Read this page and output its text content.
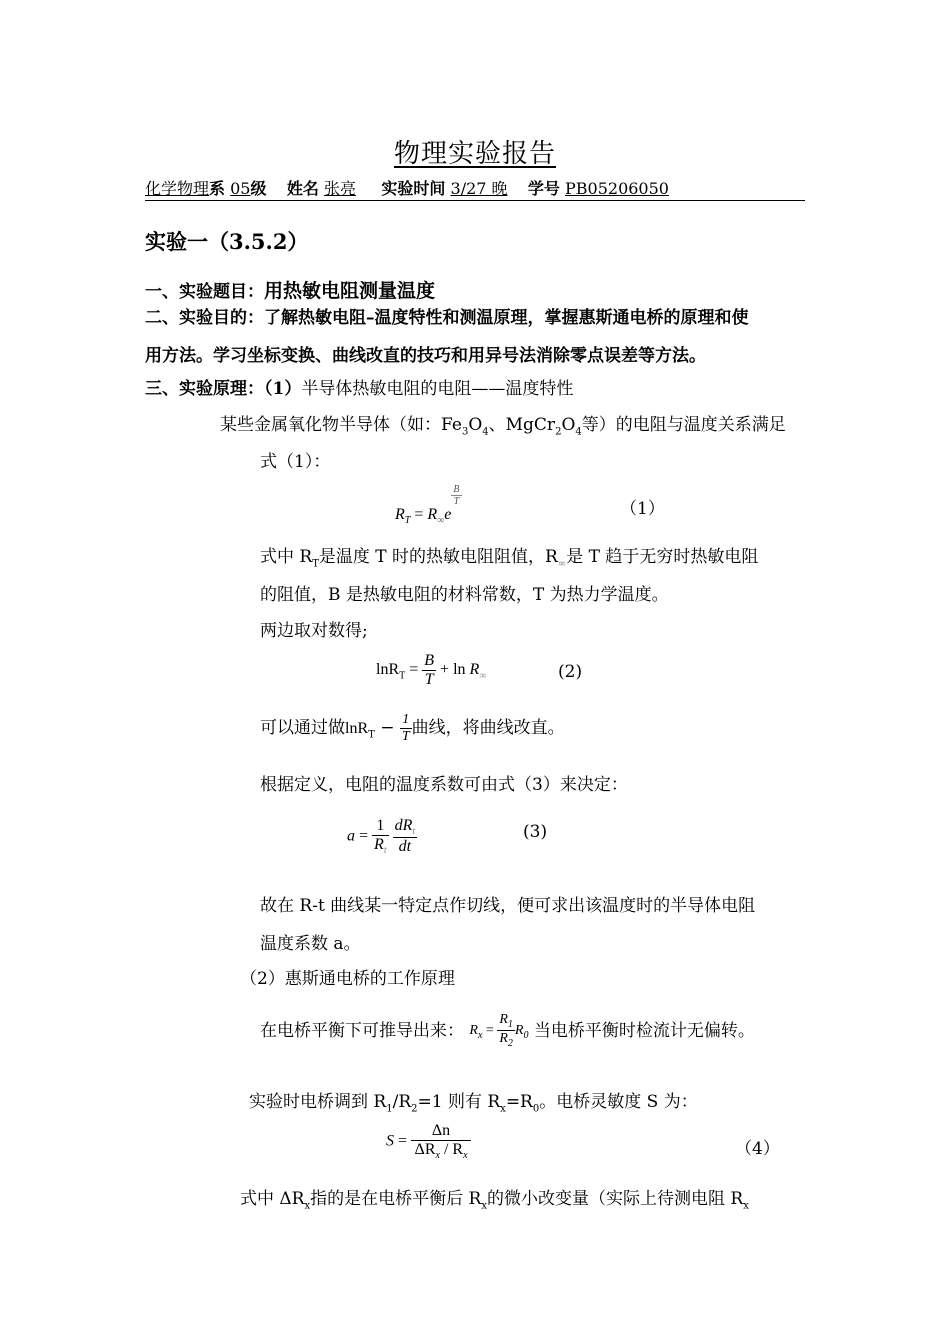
物理实验报告
化学物理系 05级 姓名 张亮 实验时间 3/27 晚 学号 PB05206050
实验一（3.5.2）
一、实验题目：用热敏电阻测量温度
二、实验目的：了解热敏电阻–温度特性和测温原理，掌握惠斯通电桥的原理和使
用方法。学习坐标变换、曲线改直的技巧和用异号法消除零点误差等方法。
三、实验原理：（1）半导体热敏电阻的电阻——温度特性
某些金属氧化物半导体（如：$Fe_3O_4$、$MgCr_2O_4$等）的电阻与温度关系满足
式（1）：
$R_T = R_\infty e$
$\frac{B}{T}$
（1）
式中 $R_T$是温度 T 时的热敏电阻阻值，$R_\infty$是 T 趋于无穷时热敏电阻
的阻值，B 是热敏电阻的材料常数，T 为热力学温度。
两边取对数得;
$\ln R_T = \frac{B}{T} + \ln R_\infty$	(2)
可以通过做$\ln R_T - \frac{1}{T}$ 曲线，将曲线改直。
根据定义，电阻的温度系数可由式（3）来决定：
$a = \frac{1}{R_t}$
$\frac{dR_t}{dt}$	(3)
故在 R-t 曲线某一特定点作切线，便可求出该温度时的半导体电阻
温度系数 a。
（2）惠斯通电桥的工作原理
在电桥平衡下可推导出来： $R_x = \frac{R_1}{R_2} R_0$ 当电桥平衡时检流计无偏转。
实验时电桥调到 $R_1/R_2=1$ 则有 $R_x=R_0$。电桥灵敏度 S 为：
$S = \frac{\Delta n}{\Delta R_x / R_x}$	（4）
式中 $\Delta R_x$指的是在电桥平衡后 $R_x$的微小改变量（实际上待测电阻 $R_x$
